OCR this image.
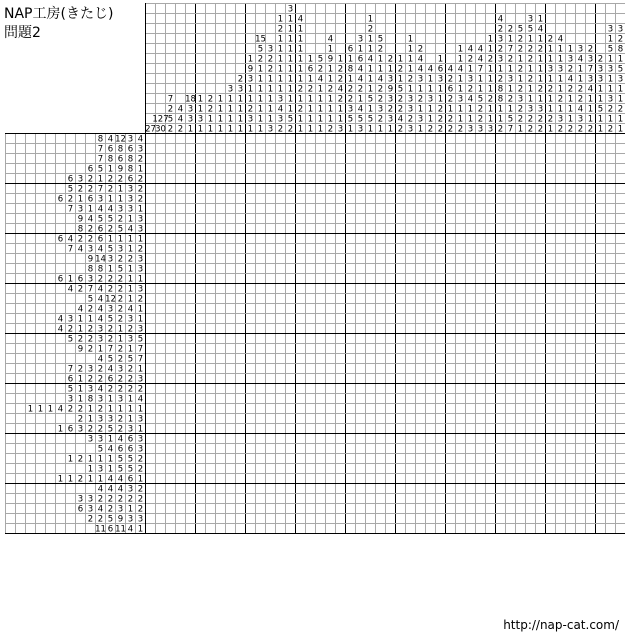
NAP工房(きたじ)
問題2
27
127
30
7
2
5
2
4
4
2
18
3
3
1
1
1
3
1
2
2
1
1
1
1
1
1
3
1
1
1
1
2
3
1
1
1
1
1
9
3
1
1
2
3
1
15
5
2
1
1
1
1
1
1
1
3
2
2
1
1
1
1
1
3
1
2
1
1
1
1
1
1
3
4
3
2
3
1
1
1
1
1
1
1
1
1
1
5
2
4
1
1
1
1
1
1
2
1
2
1
1
1
6
1
2
1
1
1
1
5
2
4
1
1
1
1
1
4
1
9
1
1
2
1
1
1
2
1
2
2
4
2
1
1
3
6
1
8
1
2
2
3
5
1
3
1
6
4
4
2
1
4
5
3
1
2
1
1
4
1
1
1
5
1
5
1
5
2
1
1
4
2
2
3
2
1
2
1
3
9
3
2
3
1
1
2
1
5
2
2
4
2
1
1
1
1
2
1
3
3
2
3
2
4
4
3
1
2
1
3
1
4
1
1
3
1
1
2
1
6
3
1
1
2
2
2
4
2
6
2
1
2
2
1
1
4
1
1
3
1
1
2
4
2
1
3
2
4
1
1
3
4
4
7
1
1
5
2
2
3
1
1
2
1
1
1
2
1
1
3
4
2
3
2
3
1
2
8
8
1
1
2
2
1
7
2
1
3
1
2
1
5
7
5
2
2
1
2
1
2
3
2
2
1
3
5
1
2
2
1
2
1
1
3
2
2
1
4
1
2
1
1
1
2
1
3
2
2
2
1
1
3
1
2
1
1
2
1
4
1
1
3
1
1
2
1
3
2
1
3
2
4
2
1
1
1
2
3
4
1
1
2
2
4
3
2
2
3
7
3
4
1
1
1
2
2
3
3
1
1
5
1
1
3
1
5
1
3
1
1
3
2
1
2
3
2
8
1
5
3
1
1
2
1
1
8 4 12 3 4
7 6 8 6 3
7 8 6 8 2
6 5 1 9 8 1
6 3 2 1 2 2 6 2
5 2 2 7 2 1 3 2
6 2 1 6 3 1 1 3 2
7 3 1 4 4 3 3 1
9 4 5 5 2 1 3
8 2 6 2 5 4 3
6 4 2 2 6 1 1 1 1
7 4 3 4 5 3 1 2
9 14 3 2 2 3
8 8 1 5 1 3
6 1 6 3 2 2 2 1 1
4 2 7 4 2 2 1 3
5 4 12 2 1 2
4 2 4 3 2 4 1
4 3 1 1 4 5 2 3 1
4 2 1 2 3 2 1 2 3
5 2 2 3 2 1 3 5
9 2 1 7 2 1 7
4 5 2 5 7
7 2 3 2 4 3 2 1
6 1 2 2 6 2 2 3
5 1 3 4 2 2 2 2
3 1 8 3 1 3 1 4
1 1 1 4 2 2 1 2 1 1 1 1
2 1 3 3 2 1 3
1 6 3 2 2 5 2 3 1
3 3 1 4 6 3
5 4 6 6 3
1 2 1 1 1 5 5 2
1 3 1 5 5 2
1 1 2 1 1 4 4 6 1
4 4 4 3 2
3 3 2 2 2 2 2
6 3 4 2 3 1 2
2 2 5 9 3 3
11 6 11 4 1
http://nap-cat.com/
